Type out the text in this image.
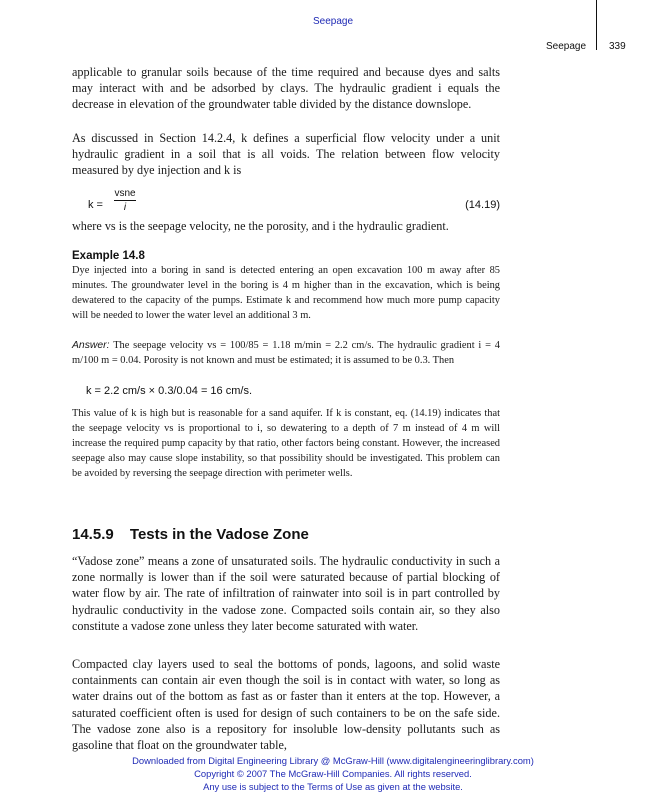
Seepage
Seepage 339

applicable to granular soils because of the time required and because dyes and salts may interact with and be adsorbed by clays. The hydraulic gradient i equals the decrease in elevation of the groundwater table divided by the distance downslope.

As discussed in Section 14.2.4, k defines a superficial flow velocity under a unit hydraulic gradient in a soil that is all voids. The relation between flow velocity measured by dye injection and k is

k =
vsne
i	(14.19)

where vs is the seepage velocity, ne the porosity, and i the hydraulic gradient.

Example 14.8

Dye injected into a boring in sand is detected entering an open excavation 100 m away after 85 minutes. The groundwater level in the boring is 4 m higher than in the excavation, which is being dewatered to the capacity of the pumps. Estimate k and recommend how much more pump capacity will be needed to lower the water level an additional 3 m.

Answer: The seepage velocity vs = 100/85 = 1.18 m/min = 2.2 cm/s. The hydraulic gradient i = 4 m/100 m = 0.04. Porosity is not known and must be estimated; it is assumed to be 0.3. Then

k = 2.2 cm/s × 0.3/0.04 = 16 cm/s.

This value of k is high but is reasonable for a sand aquifer. If k is constant, eq. (14.19) indicates that the seepage velocity vs is proportional to i, so dewatering to a depth of 7 m instead of 4 m will increase the required pump capacity by that ratio, other factors being constant. However, the increased seepage also may cause slope instability, so that possibility should be investigated. This problem can be avoided by reversing the seepage direction with perimeter wells.

14.5.9 Tests in the Vadose Zone

“Vadose zone” means a zone of unsaturated soils. The hydraulic conductivity in such a zone normally is lower than if the soil were saturated because of partial blocking of water flow by air. The rate of infiltration of rainwater into soil is in part controlled by hydraulic conductivity in the vadose zone. Compacted soils contain air, so they also constitute a vadose zone unless they later become saturated with water.

Compacted clay layers used to seal the bottoms of ponds, lagoons, and solid waste containments can contain air even though the soil is in contact with water, so long as water drains out of the bottom as fast as or faster than it enters at the top. However, a saturated coefficient often is used for design of such containers to be on the safe side. The vadose zone also is a repository for insoluble low-density pollutants such as gasoline that float on the groundwater table,

Downloaded from Digital Engineering Library @ McGraw-Hill (www.digitalengineeringlibrary.com)
Copyright © 2007 The McGraw-Hill Companies. All rights reserved.
Any use is subject to the Terms of Use as given at the website.
